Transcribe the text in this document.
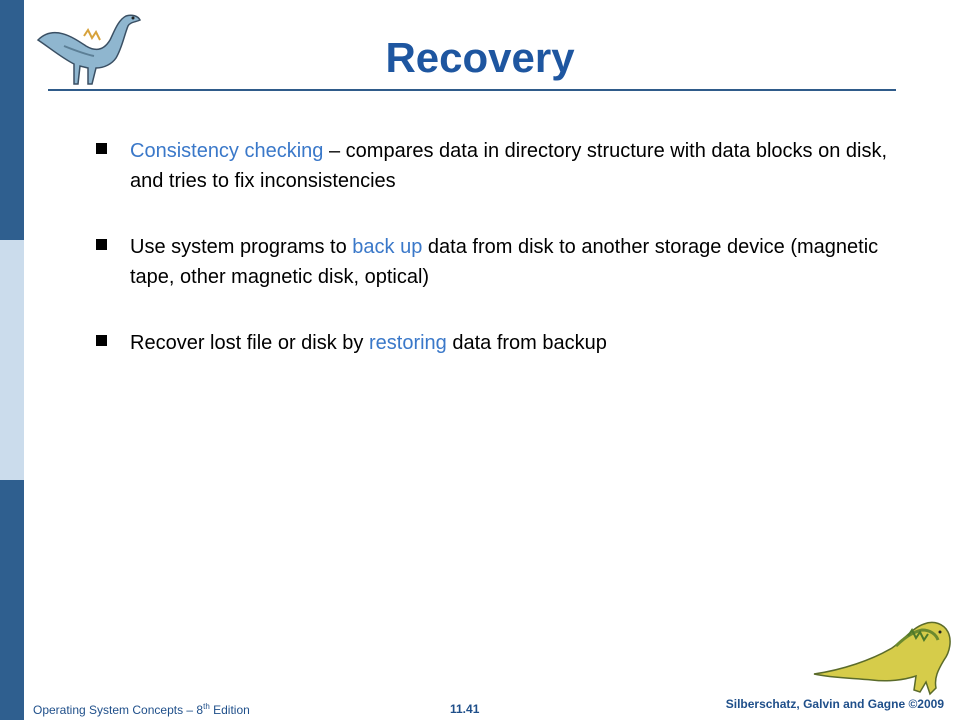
Recovery
Consistency checking – compares data in directory structure with data blocks on disk, and tries to fix inconsistencies
Use system programs to back up data from disk to another storage device (magnetic tape, other magnetic disk, optical)
Recover lost file or disk by restoring data from backup
Operating System Concepts – 8th Edition	11.41	Silberschatz, Galvin and Gagne ©2009
